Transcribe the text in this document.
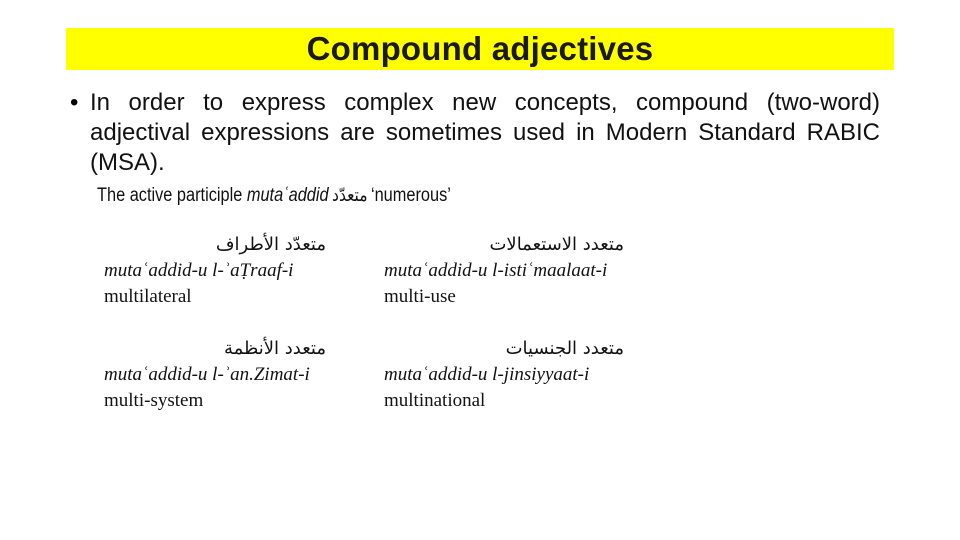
Compound adjectives
• In order to express complex new concepts, compound (two-word) adjectival expressions are sometimes used in Modern Standard RABIC (MSA).
The active participle mutaʿaddid متعدّد ‘numerous’
متعدّد الأطراف
mutaʿaddid-u l-ʾaṬraaf-i
multilateral
متعدد الاستعمالات
mutaʿaddid-u l-istiʿmaalaat-i
multi-use
متعدد الأنظمة
mutaʿaddid-u l-ʾan.Zimat-i
multi-system
متعدد الجنسيات
mutaʿaddid-u l-jinsiyyaat-i
multinational
